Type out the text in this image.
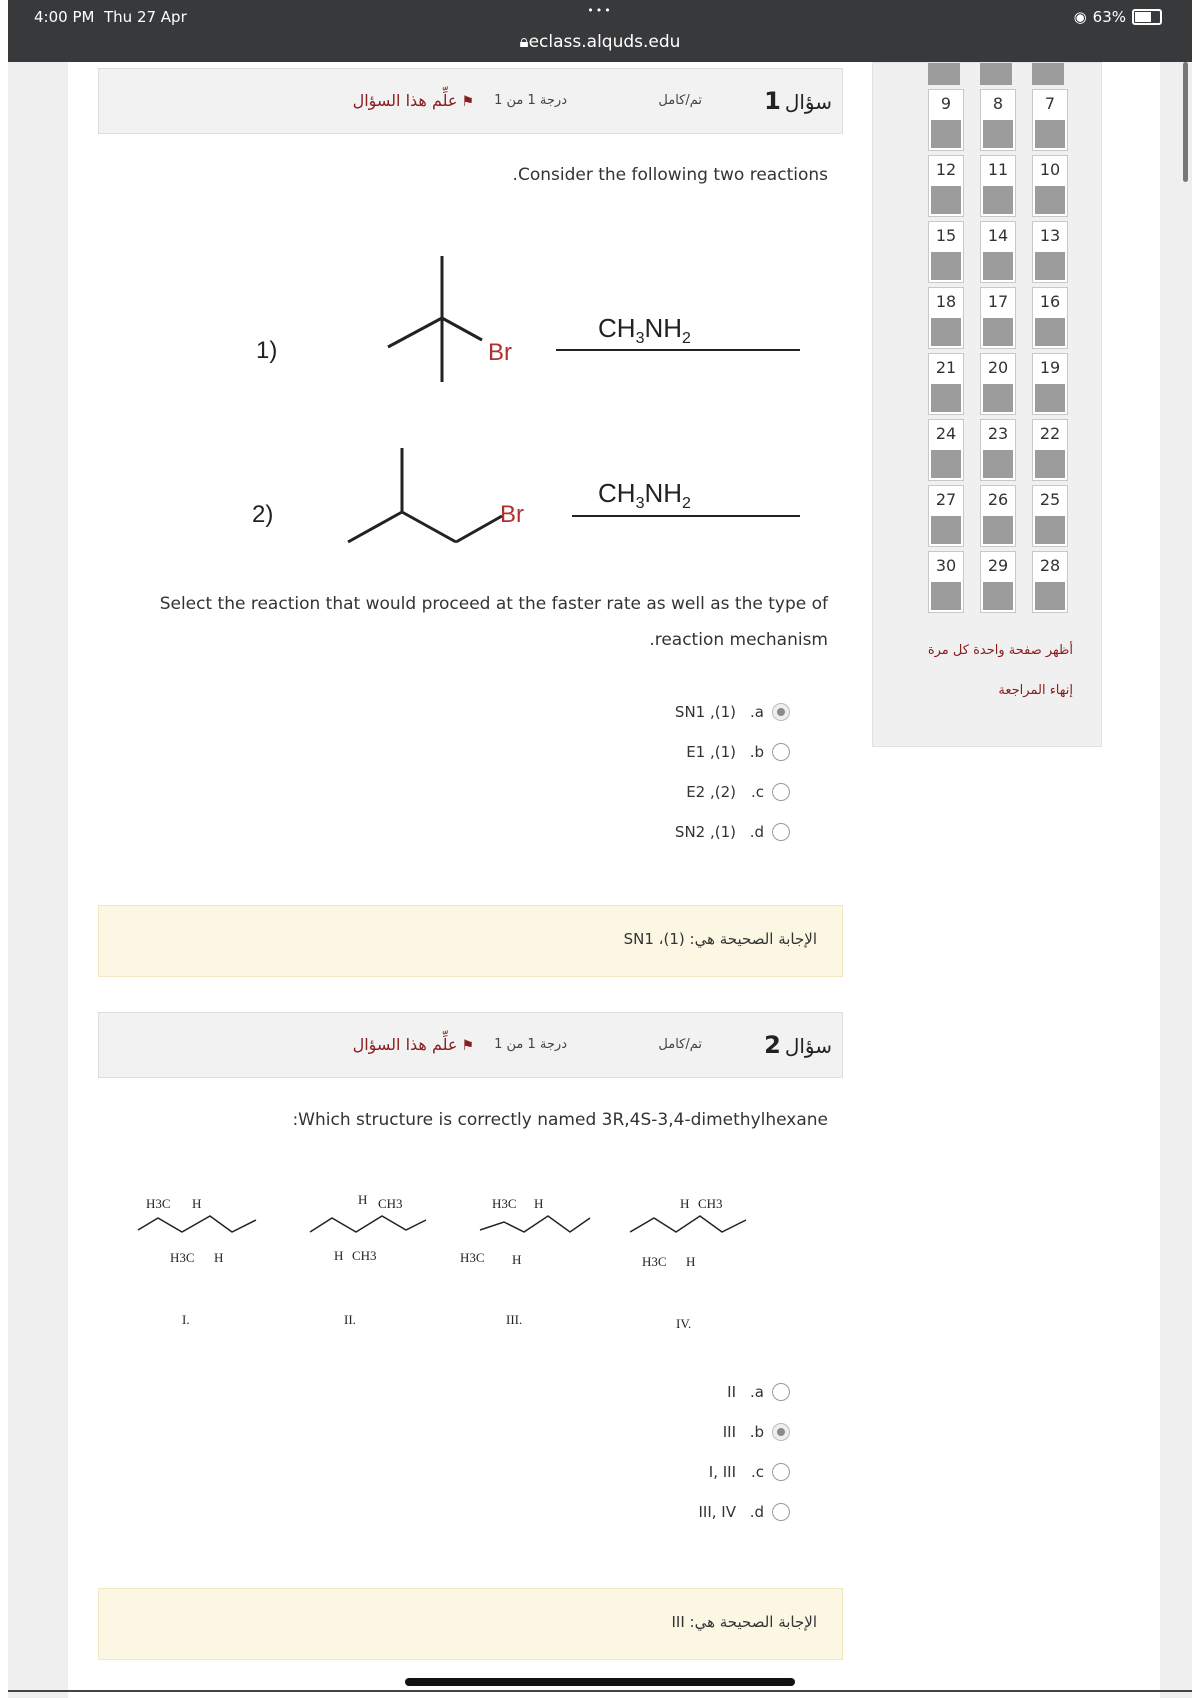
4:00 PM Thu 27 Apr	•••
🔒︎eclass.alquds.edu
◉ 63%
سؤال1
تم/كامل
درجة 1 من 1
⚑علِّم هذا السؤال
.Consider the following two reactions
Br
1)
$CH_3NH_2$
Br
2)
$CH_3NH_2$
Select the reaction that would proceed at the faster rate as well as the type of
.reaction mechanism
a.
SN1 ,(1)
b.
E1 ,(1)
c.
E2 ,(2)
d.
SN2 ,(1)
الإجابة الصحيحة هي: (1)، SN1
سؤال2
تم/كامل
درجة 1 من 1
⚑علِّم هذا السؤال
:Which structure is correctly named 3R,4S-3,4-dimethylhexane
H3C H
H3C H
I.
H CH3
H CH3
II.
H3C H
H3C H
III.
H CH3
H3C H
IV.
a.
II
b.
III
c.
I, III
d.
III, IV
الإجابة الصحيحة هي: III
9	8	7
12	11	10
15	14	13
18	17	16
21	20	19
24	23	22
27	26	25
30	29	28
أظهر صفحة واحدة كل مرة
إنهاء المراجعة
